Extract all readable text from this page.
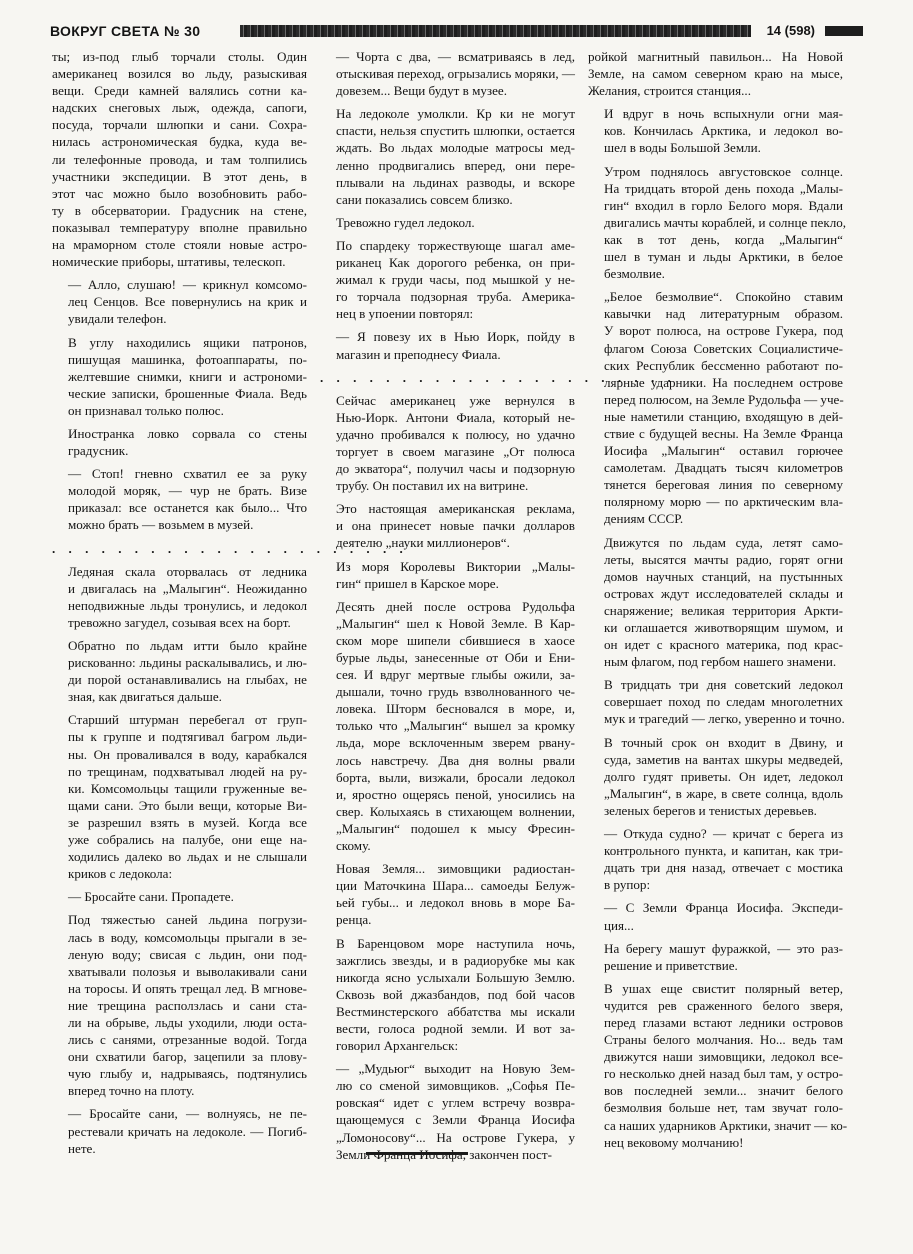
ВОКРУГ СВЕТА № 30	14 (598)

ты; из-под глыб торчали столы. Один
американец возился во льду, разыскивая
вещи. Среди камней валялись сотни ка-
надских снеговых лыж, одежда, сапоги,
посуда, торчали шлюпки и сани. Сохра-
нилась астрономическая будка, куда ве-
ли телефонные провода, и там толпились
участники экспедиции. В этот день, в
этот час можно было возобновить рабо-
ту в обсерватории. Градусник на стене,
показывал температуру вполне правильно
на мраморном столе стояли новые астро-
номические приборы, штативы, телескоп.

— Алло, слушаю! — крикнул комсомо-
лец Сенцов. Все повернулись на крик и
увидали телефон.

В углу находились ящики патронов,
пишущая машинка, фотоаппараты, по-
желтевшие снимки, книги и астрономи-
ческие записки, брошенные Фиала. Ведь
он признавал только полюс.

Иностранка ловко сорвала со стены
градусник.

— Стоп! гневно схватил ее за руку
молодой моряк, — чур не брать. Визе
приказал: все останется как было... Что
можно брать — возьмем в музей.

. . . . . . . . . . . . . . . . . . . . . .

Ледяная скала оторвалась от ледника
и двигалась на „Малыгин“. Неожиданно
неподвижные льды тронулись, и ледокол
тревожно загудел, созывая всех на борт.

Обратно по льдам итти было крайне
рискованно: льдины раскалывались, и лю-
ди порой останавливались на глыбах, не
зная, как двигаться дальше.

Старший штурман перебегал от груп-
пы к группе и подтягивал багром льди-
ны. Он проваливался в воду, карабкался
по трещинам, подхватывал людей на ру-
ки. Комсомольцы тащили груженные ве-
щами сани. Это были вещи, которые Ви-
зе разрешил взять в музей. Когда все
уже собрались на палубе, они еще на-
ходились далеко во льдах и не слышали
криков с ледокола:

— Бросайте сани. Пропадете.

Под тяжестью саней льдина погрузи-
лась в воду, комсомольцы прыгали в зе-
леную воду; свисая с льдин, они под-
хватывали полозья и выволакивали сани
на торосы. И опять трещал лед. В мгнове-
ние трещина расползлась и сани ста-
ли на обрыве, льды уходили, люди оста-
лись с санями, отрезанные водой. Тогда
они схватили багор, зацепили за плову-
чую глыбу и, надрываясь, подтянулись
вперед точно на плоту.

— Бросайте сани, — волнуясь, не пе-
рестевали кричать на ледоколе. — Погиб-
нете.

— Чорта с два, — всматриваясь в лед,
отыскивая переход, огрызались моряки, —
довезем... Вещи будут в музее.

На ледоколе умолкли. Кр ки не могут
спасти, нельзя спустить шлюпки, остается
ждать. Во льдах молодые матросы мед-
ленно продвигались вперед, они пере-
плывали на льдинах разводы, и вскоре
сани показались совсем близко.

Тревожно гудел ледокол.

По спардеку торжествующе шагал аме-
риканец Как дорогого ребенка, он при-
жимал к груди часы, под мышкой у не-
го торчала подзорная труба. Америка-
нец в упоении повторял:

— Я повезу их в Нью Иорк, пойду в
магазин и преподнесу Фиала.

. . . . . . . . . . . . . . . . . . . . . .

Сейчас американец уже вернулся в
Нью-Иорк. Антони Фиала, который не-
удачно пробивался к полюсу, но удачно
торгует в своем магазине „От полюса
до экватора“, получил часы и подзорную
трубу. Он поставил их на витрине.

Это настоящая американская реклама,
и она принесет новые пачки долларов
деятелю „науки миллионеров“.

Из моря Королевы Виктории „Малы-
гин“ пришел в Карское море.

Десять дней после острова Рудольфа
„Малыгин“ шел к Новой Земле. В Кар-
ском море шипели сбившиеся в хаосе
бурые льды, занесенные от Оби и Ени-
сея. И вдруг мертвые глыбы ожили, за-
дышали, точно грудь взволнованного че-
ловека. Шторм бесновался в море, и,
только что „Малыгин“ вышел за кромку
льда, море всклоченным зверем рвану-
лось навстречу. Два дня волны рвали
борта, выли, визжали, бросали ледокол
и, яростно ощерясь пеной, уносились на
свер. Колыхаясь в стихающем волнении,
„Малыгин“ подошел к мысу Фресин-
скому.

Новая Земля... зимовщики радиостан-
ции Маточкина Шара... самоеды Белуж-
ьей губы... и ледокол вновь в море Ба-
ренца.

В Баренцовом море наступила ночь,
зажглись звезды, и в радиорубке мы как
никогда ясно услыхали Большую Землю.
Сквозь вой джазбандов, под бой часов
Вестминстерского аббатства мы искали
вести, голоса родной земли. И вот за-
говорил Архангельск:

— „Мудьюг“ выходит на Новую Зем-
лю со сменой зимовщиков. „Софья Пе-
ровская“ идет с углем встречу возвра-
щающемуся с Земли Франца Иосифа
„Ломоносову“... На острове Гукера, у
Земли Франца Иосифа, закончен пост-

ройкой магнитный павильон... На Новой
Земле, на самом северном краю на мысе,
Желания, строится станция...

И вдруг в ночь вспыхнули огни мая-
ков. Кончилась Арктика, и ледокол во-
шел в воды Большой Земли.

Утром поднялось августовское солнце.
На тридцать второй день похода „Малы-
гин“ входил в горло Белого моря. Вдали
двигались мачты кораблей, и солнце пекло,
как в тот день, когда „Малыгин“
шел в туман и льды Арктики, в белое
безмолвие.

„Белое безмолвие“. Спокойно ставим
кавычки над литературным образом.
У ворот полюса, на острове Гукера, под
флагом Союза Советских Социалистиче-
ских Республик бессменно работают по-
лярные ударники. На последнем острове
перед полюсом, на Земле Рудольфа — уче-
ные наметили станцию, входящую в дей-
ствие с будущей весны. На Земле Франца
Иосифа „Малыгин“ оставил горючее
самолетам. Двадцать тысяч километров
тянется береговая линия по северному
полярному морю — по арктическим вла-
дениям СССР.

Движутся по льдам суда, летят само-
леты, высятся мачты радио, горят огни
домов научных станций, на пустынных
островах ждут исследователей склады и
снаряжение; великая территория Аркти-
ки оглашается животворящим шумом, и
он идет с красного материка, под крас-
ным флагом, под гербом нашего знамени.

В тридцать три дня советский ледокол
совершает поход по следам многолетних
мук и трагедий — легко, уверенно и точно.

В точный срок он входит в Двину, и
суда, заметив на вантах шкуры медведей,
долго гудят приветы. Он идет, ледокол
„Малыгин“, в жаре, в свете солнца, вдоль
зеленых берегов и тенистых деревьев.

— Откуда судно? — кричат с берега из
контрольного пункта, и капитан, как три-
дцать три дня назад, отвечает с мостика
в рупор:

— С Земли Франца Иосифа. Экспеди-
ция...

На берегу машут фуражкой, — это раз-
решение и приветствие.

В ушах еще свистит полярный ветер,
чудится рев сраженного белого зверя,
перед глазами встают ледники островов
Страны белого молчания. Но... ведь там
движутся наши зимовщики, ледокол все-
го несколько дней назад был там, у остро-
вов последней земли... значит белого
безмолвия больше нет, там звучат голо-
са наших ударников Арктики, значит — ко-
нец вековому молчанию!
